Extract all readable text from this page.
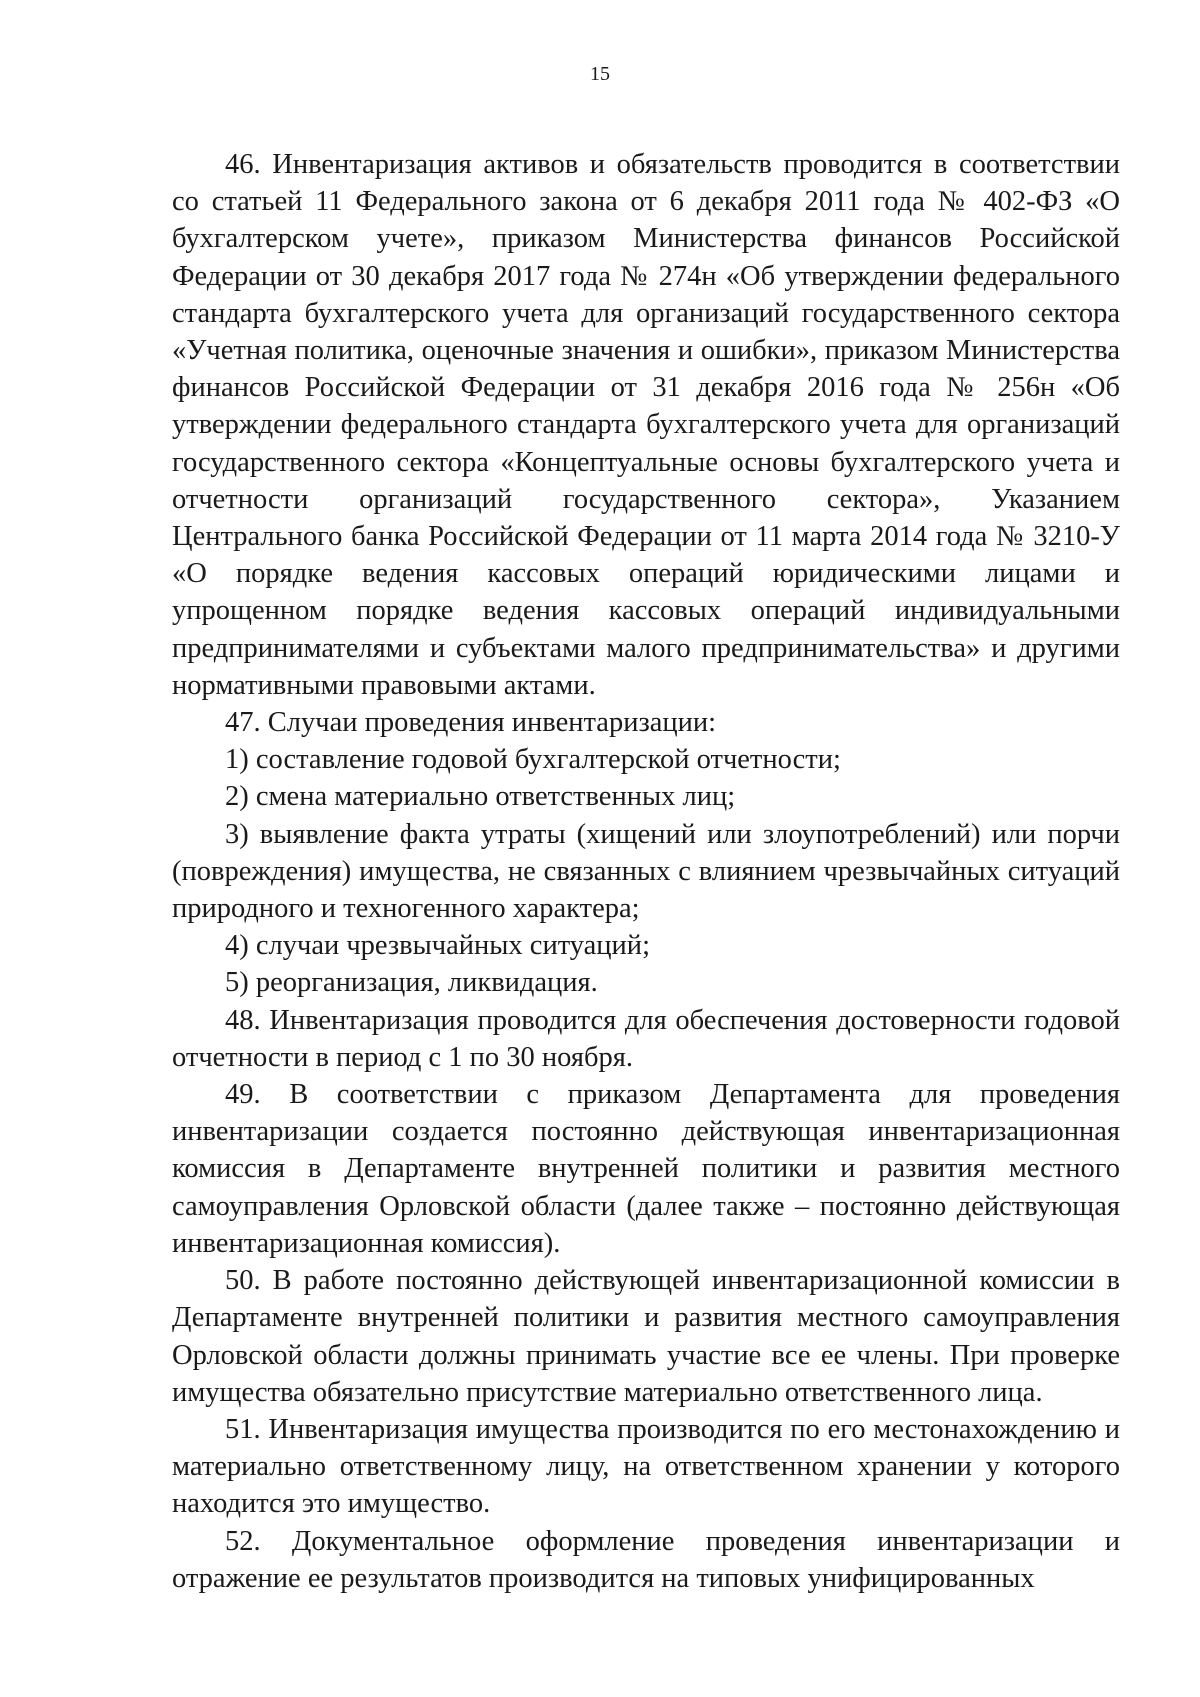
15

46. Инвентаризация активов и обязательств проводится в соответствии со статьей 11 Федерального закона от 6 декабря 2011 года № 402-ФЗ «О бухгалтерском учете», приказом Министерства финансов Российской Федерации от 30 декабря 2017 года № 274н «Об утверждении федерального стандарта бухгалтерского учета для организаций государственного сектора «Учетная политика, оценочные значения и ошибки», приказом Министерства финансов Российской Федерации от 31 декабря 2016 года № 256н «Об утверждении федерального стандарта бухгалтерского учета для организаций государственного сектора «Концептуальные основы бухгалтерского учета и отчетности организаций государственного сектора», Указанием Центрального банка Российской Федерации от 11 марта 2014 года № 3210-У «О порядке ведения кассовых операций юридическими лицами и упрощенном порядке ведения кассовых операций индивидуальными предпринимателями и субъектами малого предпринимательства» и другими нормативными правовыми актами.

47. Случаи проведения инвентаризации:

1) составление годовой бухгалтерской отчетности;

2) смена материально ответственных лиц;

3) выявление факта утраты (хищений или злоупотреблений) или порчи (повреждения) имущества, не связанных с влиянием чрезвычайных ситуаций природного и техногенного характера;

4) случаи чрезвычайных ситуаций;

5) реорганизация, ликвидация.

48. Инвентаризация проводится для обеспечения достоверности годовой отчетности в период с 1 по 30 ноября.

49. В соответствии с приказом Департамента для проведения инвентаризации создается постоянно действующая инвентаризационная комиссия в Департаменте внутренней политики и развития местного самоуправления Орловской области (далее также – постоянно действующая инвентаризационная комиссия).

50. В работе постоянно действующей инвентаризационной комиссии в Департаменте внутренней политики и развития местного самоуправления Орловской области должны принимать участие все ее члены. При проверке имущества обязательно присутствие материально ответственного лица.

51. Инвентаризация имущества производится по его местонахождению и материально ответственному лицу, на ответственном хранении у которого находится это имущество.

52. Документальное оформление проведения инвентаризации и отражение ее результатов производится на типовых унифицированных
